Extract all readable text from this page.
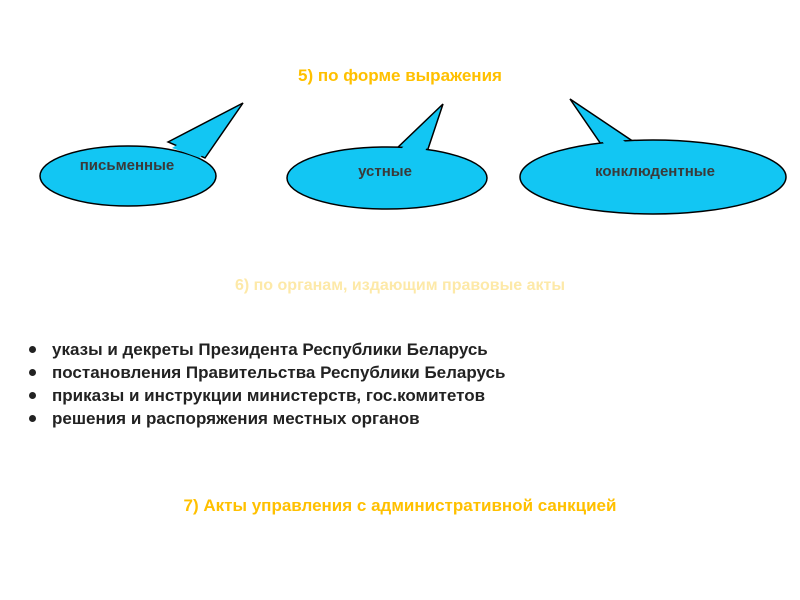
5) по форме выражения
письменные	устные	конклюдентные
6) по органам, издающим правовые акты
указы и декреты Президента Республики Беларусь
постановления Правительства Республики Беларусь
приказы и инструкции министерств, гос.комитетов
решения и распоряжения местных органов
7) Акты управления с административной санкцией
